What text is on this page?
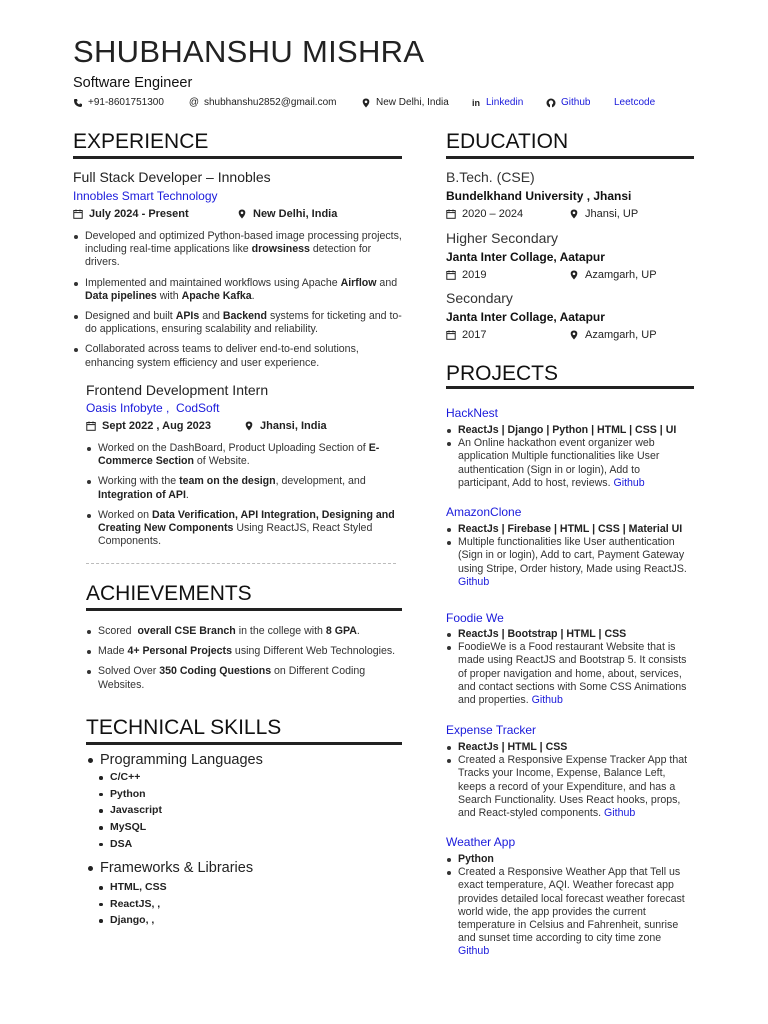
SHUBHANSHU MISHRA
Software Engineer
+91-8601751300	@ shubhanshu2852@gmail.com	New Delhi, India	in Linkedin	Github Leetcode
EXPERIENCE
Full Stack Developer – Innobles
Innobles Smart Technology
July 2024 - Present	New Delhi, India
Developed and optimized Python-based image processing projects, including real-time applications like drowsiness detection for drivers.
Implemented and maintained workflows using Apache Airflow and Data pipelines with Apache Kafka.
Designed and built APIs and Backend systems for ticketing and to-do applications, ensuring scalability and reliability.
Collaborated across teams to deliver end-to-end solutions, enhancing system efficiency and user experience.
Frontend Development Intern
Oasis Infobyte ,  CodSoft
Sept 2022 , Aug 2023	Jhansi, India
Worked on the DashBoard, Product Uploading Section of E-Commerce Section of Website.
Working with the team on the design, development, and Integration of API.
Worked on Data Verification, API Integration, Designing and Creating New Components Using ReactJS, React Styled Components.
ACHIEVEMENTS
Scored  overall CSE Branch in the college with 8 GPA.
Made 4+ Personal Projects using Different Web Technologies.
Solved Over 350 Coding Questions on Different Coding Websites.
TECHNICAL SKILLS
Programming Languages
C/C++
Python
Javascript
MySQL
DSA
Frameworks & Libraries
HTML, CSS
ReactJS, ,
Django, ,
EDUCATION
B.Tech. (CSE)
Bundelkhand University , Jhansi
2020 – 2024	Jhansi, UP
Higher Secondary
Janta Inter Collage, Aatapur
2019	Azamgarh, UP
Secondary
Janta Inter Collage, Aatapur
2017	Azamgarh, UP
PROJECTS
HackNest
ReactJs | Django | Python | HTML | CSS | UI
An Online hackathon event organizer web application Multiple functionalities like User authentication (Sign in or login), Add to participant, Add to host, reviews. Github
AmazonClone
ReactJs | Firebase | HTML | CSS | Material UI
Multiple functionalities like User authentication (Sign in or login), Add to cart, Payment Gateway using Stripe, Order history, Made using ReactJS. Github
Foodie We
ReactJs | Bootstrap | HTML | CSS
FoodieWe is a Food restaurant Website that is made using ReactJS and Bootstrap 5. It consists of proper navigation and home, about, services, and contact sections with Some CSS Animations and properties. Github
Expense Tracker
ReactJs | HTML | CSS
Created a Responsive Expense Tracker App that Tracks your Income, Expense, Balance Left, keeps a record of your Expenditure, and has a Search Functionality. Uses React hooks, props, and React-styled components. Github
Weather App
Python
Created a Responsive Weather App that Tell us exact temperature, AQI. Weather forecast app provides detailed local forecast weather forecast world wide, the app provides the current temperature in Celsius and Fahrenheit, sunrise and sunset time according to city time zone Github
